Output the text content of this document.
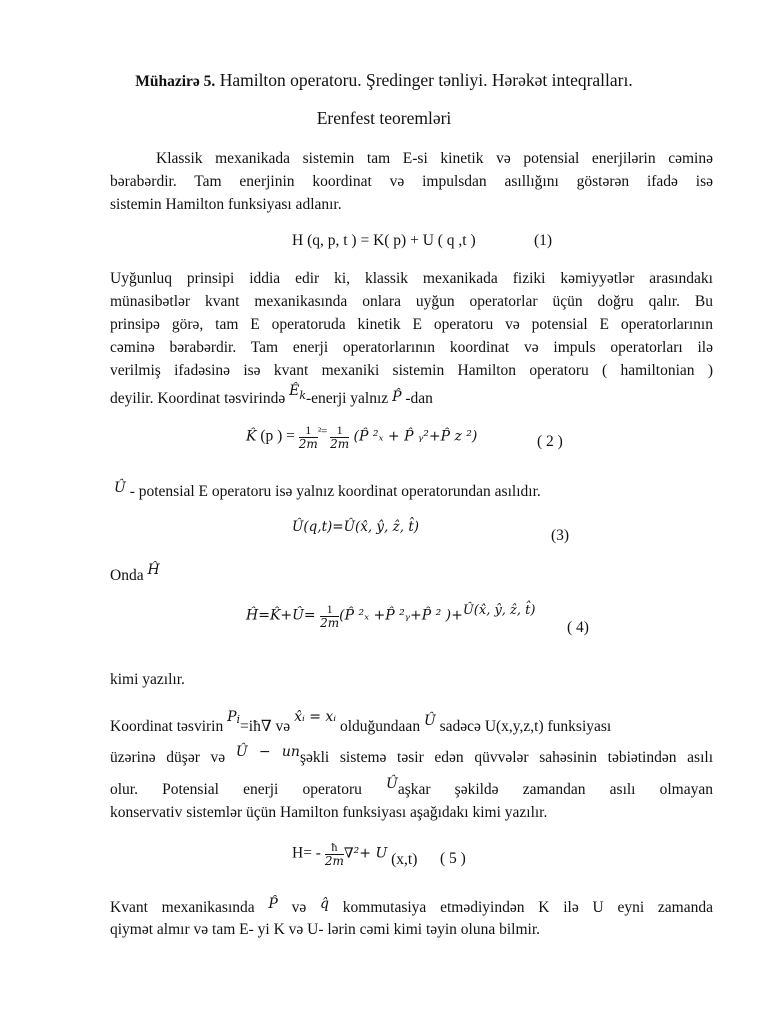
Mühazirə 5. Hamilton operatoru. Şredinger tənliyi. Hərəkət inteqralları.
Erenfest teoremləri
Klassik mexanikada sistemin tam E-si kinetik və potensial enerjilərin cəminə
bərabərdir. Tam enerjinin koordinat və impulsdan asıllığını göstərən ifadə isə
sistemin Hamilton funksiyası adlanır.
H (q, p, t ) = K( p) + U ( q ,t )	(1)
Uyğunluq prinsipi iddia edir ki, klassik mexanikada fiziki kəmiyyətlər arasındakı
münasibətlər kvant mexanikasında onlara uyğun operatorlar üçün doğru qalır. Bu
prinsipə görə, tam E operatoruda kinetik E operatoru və potensial E operatorlarının
cəminə bərabərdir. Tam enerji operatorlarının koordinat və impuls operatorları ilə
verilmiş ifadəsinə isə kvant mexaniki sistemin Hamilton operatoru ( hamiltonian )
deyilir. Koordinat təsvirində $Ê^k$-enerji yalnız P̂ -dan
K̂ (p ) = $\frac{1}{2m} ^{^2=} \frac{1}{2m}$ (P̂ ²ₓ + P̂ ᵧ²+P̂ z ²)	( 2 )
Û - potensial E operatoru isə yalnız koordinat operatorundan asılıdır.
Û(q,t)=Û(x̂, ŷ, ẑ, t̂)	(3)
Onda Ĥ
Ĥ=K̂+Û= $\frac{1}{2m}$ (P̂ ²ₓ +P̂ ²ᵧ+P̂ ² )+$^{Û(x̂, ŷ, ẑ, t̂)}$
( 4)
kimi yazılır.
Koordinat təsvirin $P^i=iħ\nabla$ və x̂ᵢ = xᵢ olduğundaan Û sadəcə U(x,y,z,t) funksiyası
üzərinə düşər və Û − unşəkli sistemə təsir edən qüvvələr sahəsinin təbiətindən asılı
olur. Potensial enerji operatoru Ûaşkar şəkildə zamandan asılı olmayan
konservativ sistemlər üçün Hamilton funksiyası aşağıdakı kimi yazılır.
$H= - \frac{ħ}{2m} \nabla^2+ U$ (x,t) ( 5 )
Kvant mexanikasında P̂ və q̂ kommutasiya etmədiyindən K ilə U eyni zamanda
qiymət almır və tam E- yi K və U- lərin cəmi kimi təyin oluna bilmir.
